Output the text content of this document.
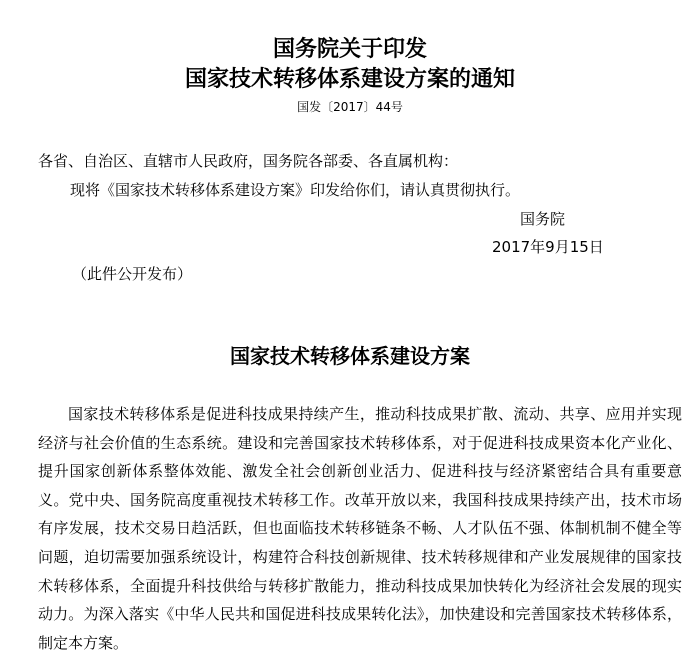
国务院关于印发
国家技术转移体系建设方案的通知
国发〔2017〕44号
各省、自治区、直辖市人民政府，国务院各部委、各直属机构：
现将《国家技术转移体系建设方案》印发给你们，请认真贯彻执行。
国务院
2017年9月15日
（此件公开发布）
国家技术转移体系建设方案

国家技术转移体系是促进科技成果持续产生，推动科技成果扩散、流动、共享、应用并实现经济与社会价值的生态系统。建设和完善国家技术转移体系，对于促进科技成果资本化产业化、提升国家创新体系整体效能、激发全社会创新创业活力、促进科技与经济紧密结合具有重要意义。党中央、国务院高度重视技术转移工作。改革开放以来，我国科技成果持续产出，技术市场有序发展，技术交易日趋活跃，但也面临技术转移链条不畅、人才队伍不强、体制机制不健全等问题，迫切需要加强系统设计，构建符合科技创新规律、技术转移规律和产业发展规律的国家技术转移体系，全面提升科技供给与转移扩散能力，推动科技成果加快转化为经济社会发展的现实动力。为深入落实《中华人民共和国促进科技成果转化法》，加快建设和完善国家技术转移体系，制定本方案。
